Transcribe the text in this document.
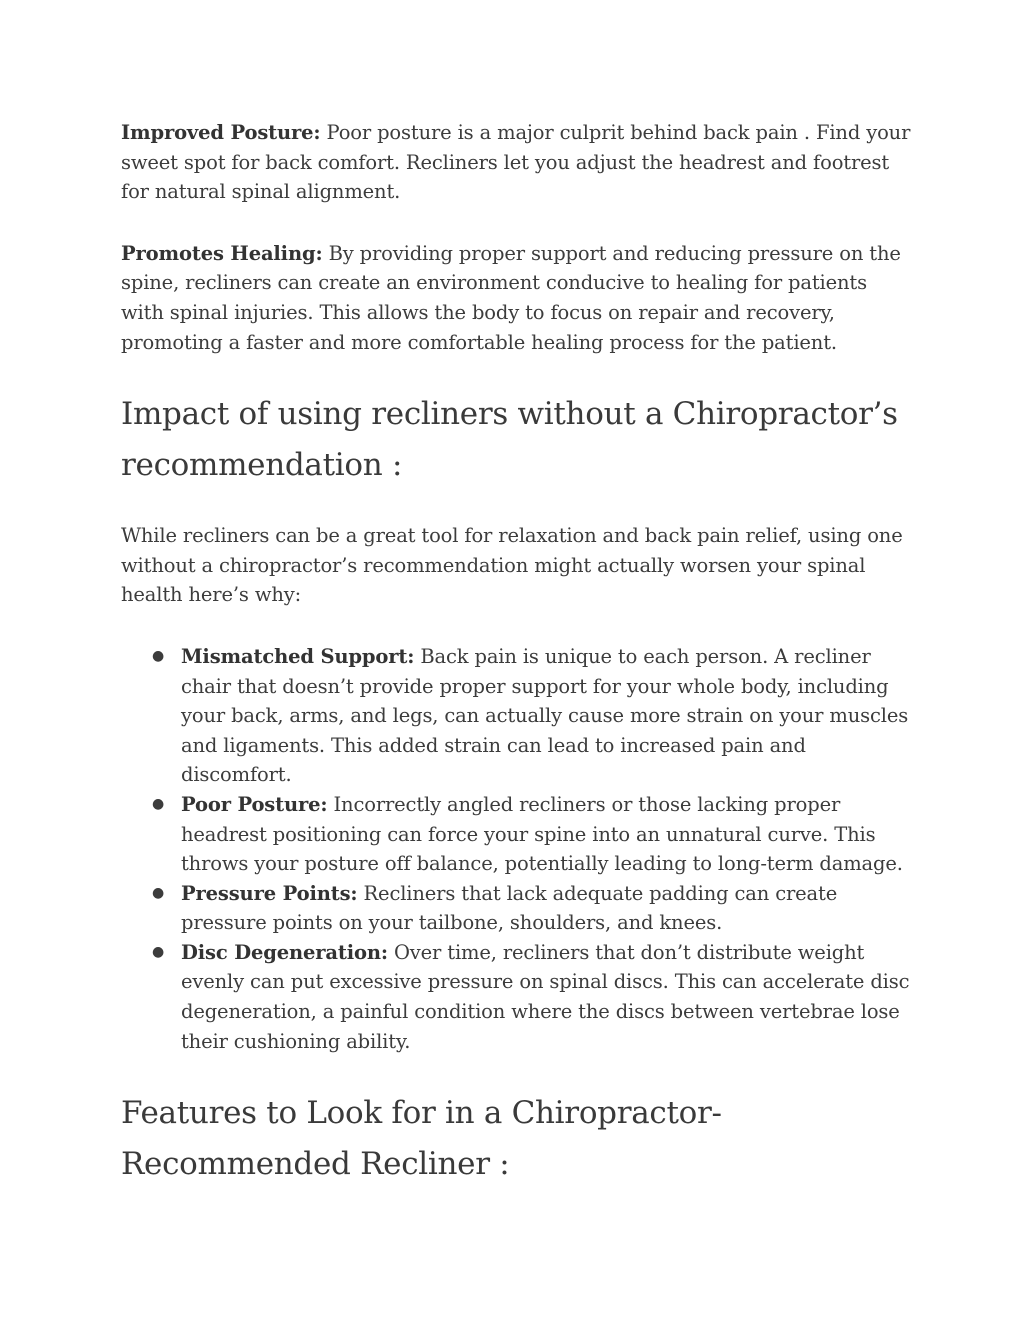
Improved Posture: Poor posture is a major culprit behind back pain . Find your sweet spot for back comfort. Recliners let you adjust the headrest and footrest for natural spinal alignment.

Promotes Healing: By providing proper support and reducing pressure on the spine, recliners can create an environment conducive to healing for patients with spinal injuries. This allows the body to focus on repair and recovery, promoting a faster and more comfortable healing process for the patient.

Impact of using recliners without a Chiropractor’s recommendation :

While recliners can be a great tool for relaxation and back pain relief, using one without a chiropractor’s recommendation might actually worsen your spinal health here’s why:

● Mismatched Support: Back pain is unique to each person. A recliner chair that doesn’t provide proper support for your whole body, including your back, arms, and legs, can actually cause more strain on your muscles and ligaments. This added strain can lead to increased pain and discomfort.
● Poor Posture: Incorrectly angled recliners or those lacking proper headrest positioning can force your spine into an unnatural curve. This throws your posture off balance, potentially leading to long-term damage.
● Pressure Points: Recliners that lack adequate padding can create pressure points on your tailbone, shoulders, and knees.
● Disc Degeneration: Over time, recliners that don’t distribute weight evenly can put excessive pressure on spinal discs. This can accelerate disc degeneration, a painful condition where the discs between vertebrae lose their cushioning ability.
Features to Look for in a Chiropractor-Recommended Recliner :
